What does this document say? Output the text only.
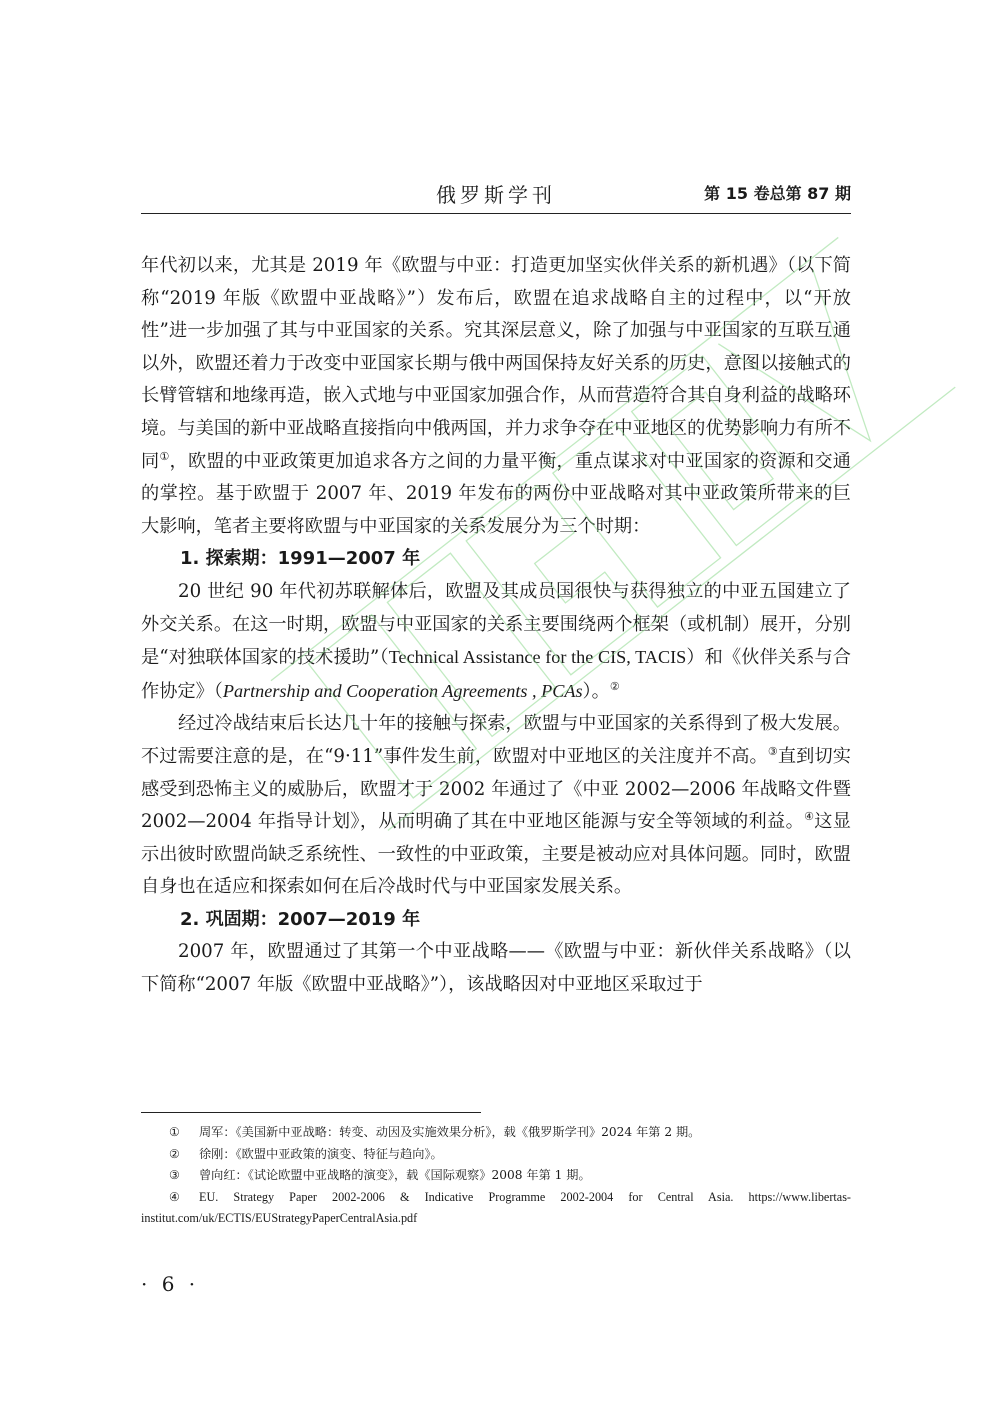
俄罗斯学刊	第 15 卷总第 87 期

年代初以来，尤其是 2019 年《欧盟与中亚：打造更加坚实伙伴关系的新机遇》（以下简称“2019 年版《欧盟中亚战略》”）发布后，欧盟在追求战略自主的过程中，以“开放性”进一步加强了其与中亚国家的关系。究其深层意义，除了加强与中亚国家的互联互通以外，欧盟还着力于改变中亚国家长期与俄中两国保持友好关系的历史，意图以接触式的长臂管辖和地缘再造，嵌入式地与中亚国家加强合作，从而营造符合其自身利益的战略环境。与美国的新中亚战略直接指向中俄两国，并力求争夺在中亚地区的优势影响力有所不同①，欧盟的中亚政策更加追求各方之间的力量平衡，重点谋求对中亚国家的资源和交通的掌控。基于欧盟于 2007 年、2019 年发布的两份中亚战略对其中亚政策所带来的巨大影响，笔者主要将欧盟与中亚国家的关系发展分为三个时期：

1. 探索期：1991—2007 年

20 世纪 90 年代初苏联解体后，欧盟及其成员国很快与获得独立的中亚五国建立了外交关系。在这一时期，欧盟与中亚国家的关系主要围绕两个框架（或机制）展开，分别是“对独联体国家的技术援助”（Technical Assistance for the CIS, TACIS）和《伙伴关系与合作协定》（Partnership and Cooperation Agreements , PCAs）。②

经过冷战结束后长达几十年的接触与探索，欧盟与中亚国家的关系得到了极大发展。不过需要注意的是，在“9·11”事件发生前，欧盟对中亚地区的关注度并不高。③直到切实感受到恐怖主义的威胁后，欧盟才于 2002 年通过了《中亚 2002—2006 年战略文件暨 2002—2004 年指导计划》，从而明确了其在中亚地区能源与安全等领域的利益。④这显示出彼时欧盟尚缺乏系统性、一致性的中亚政策，主要是被动应对具体问题。同时，欧盟自身也在适应和探索如何在后冷战时代与中亚国家发展关系。

2. 巩固期：2007—2019 年

2007 年，欧盟通过了其第一个中亚战略——《欧盟与中亚：新伙伴关系战略》（以下简称“2007 年版《欧盟中亚战略》”），该战略因对中亚地区采取过于

① 周军：《美国新中亚战略：转变、动因及实施效果分析》，载《俄罗斯学刊》2024 年第 2 期。

② 徐刚：《欧盟中亚政策的演变、特征与趋向》。

③ 曾向红：《试论欧盟中亚战略的演变》，载《国际观察》2008 年第 1 期。

④ EU. Strategy Paper 2002-2006 & Indicative Programme 2002-2004 for Central Asia. https://www.libertas-institut.com/uk/ECTIS/EUStrategyPaperCentralAsia.pdf

· 6 ·
